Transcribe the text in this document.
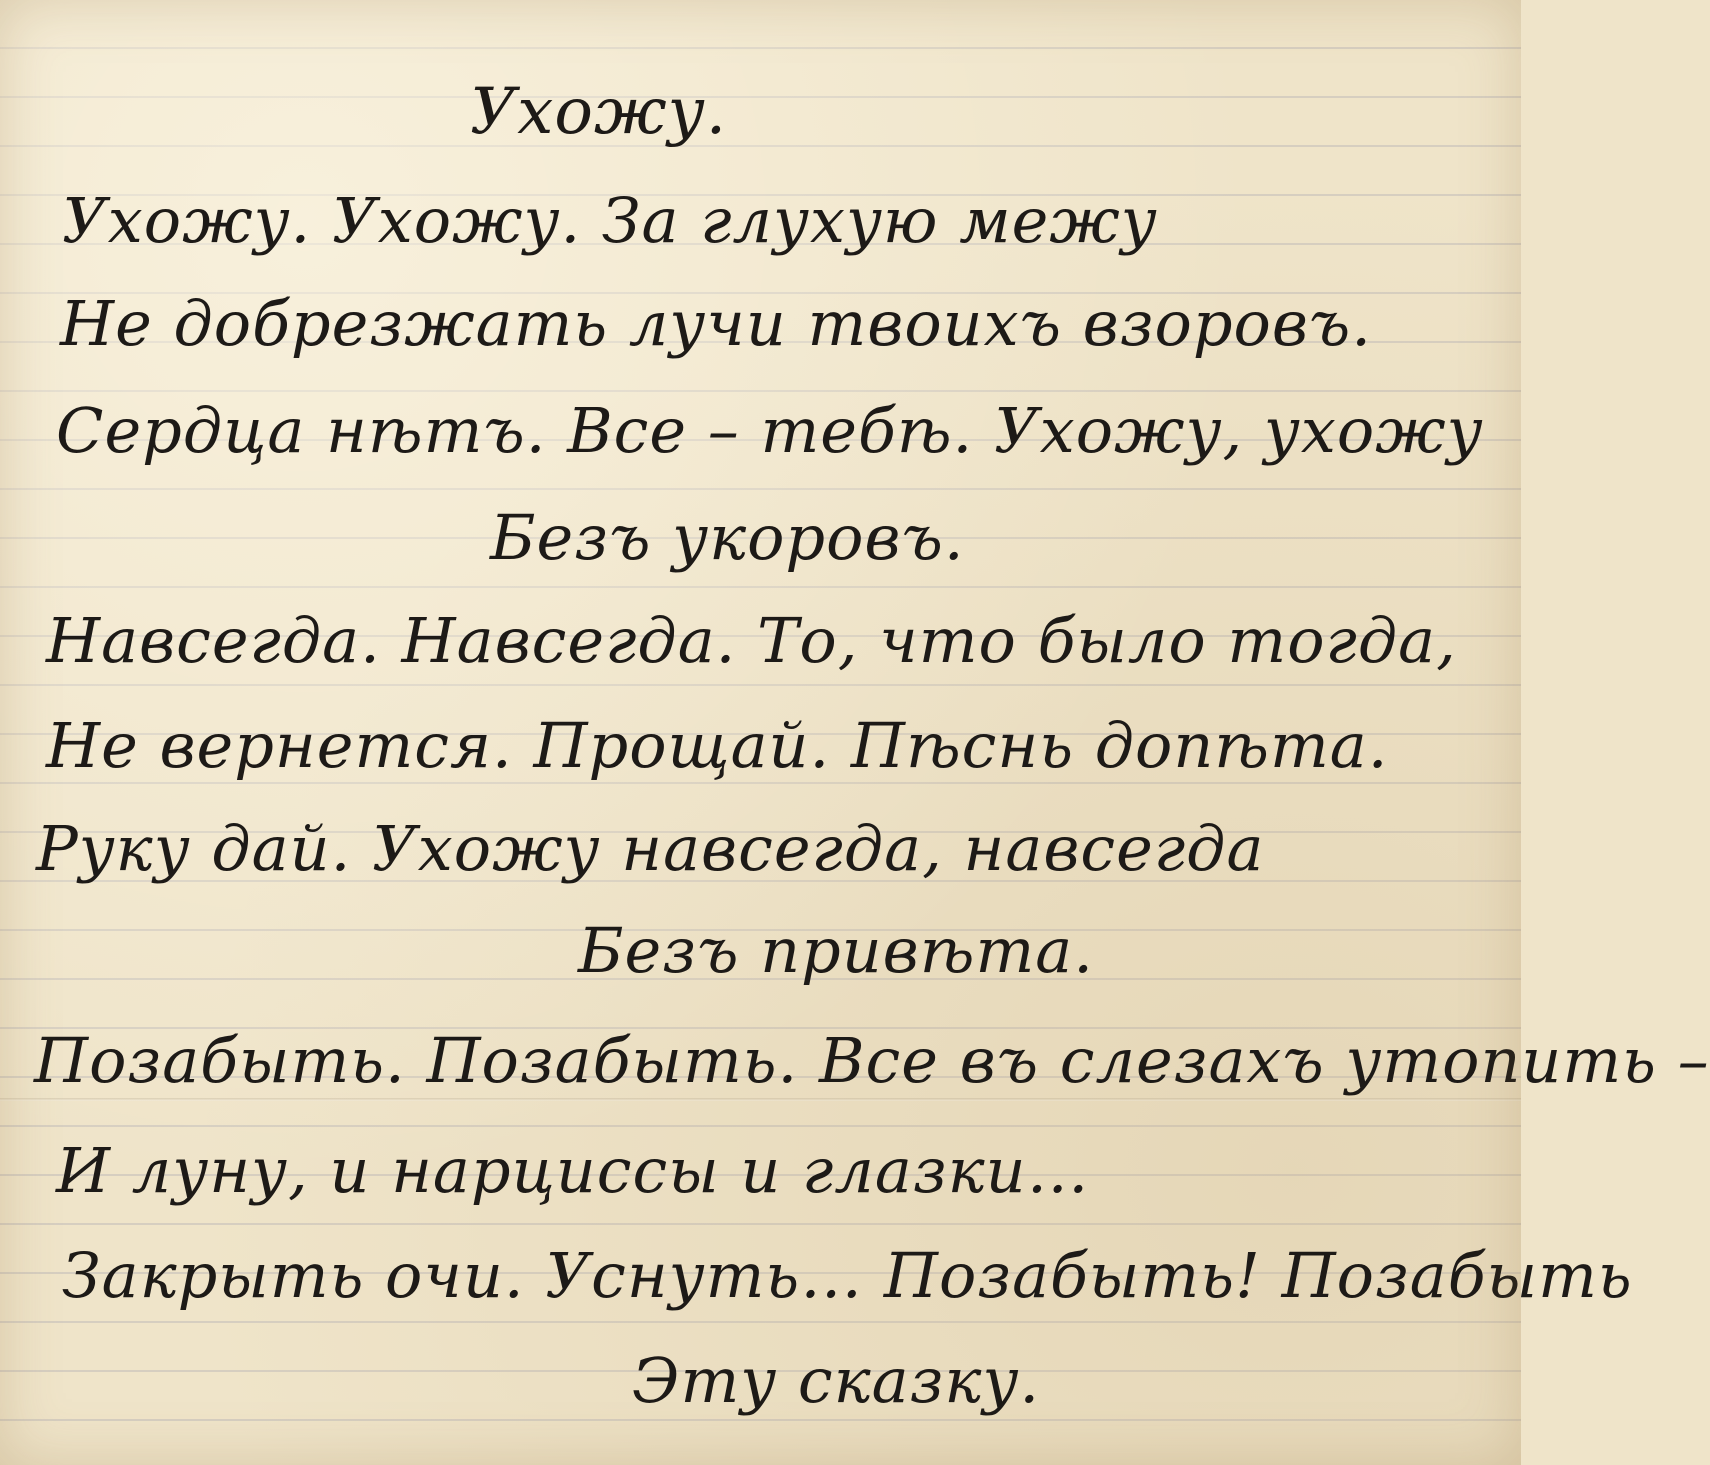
Ухожу.

Ухожу. Ухожу. За глухую межу

Не добрезжать лучи твоихъ взоровъ.

Сердца нѣтъ. Все – тебѣ. Ухожу, ухожу

Безъ укоровъ.

Навсегда. Навсегда. То, что было тогда,

Не вернется. Прощай. Пѣснь допѣта.

Руку дай. Ухожу навсегда, навсегда

Безъ привѣта.

Позабыть. Позабыть. Все въ слезахъ утопить –

И луну, и нарциссы и глазки…

Закрыть очи. Уснуть… Позабыть! Позабыть

Эту сказку.
